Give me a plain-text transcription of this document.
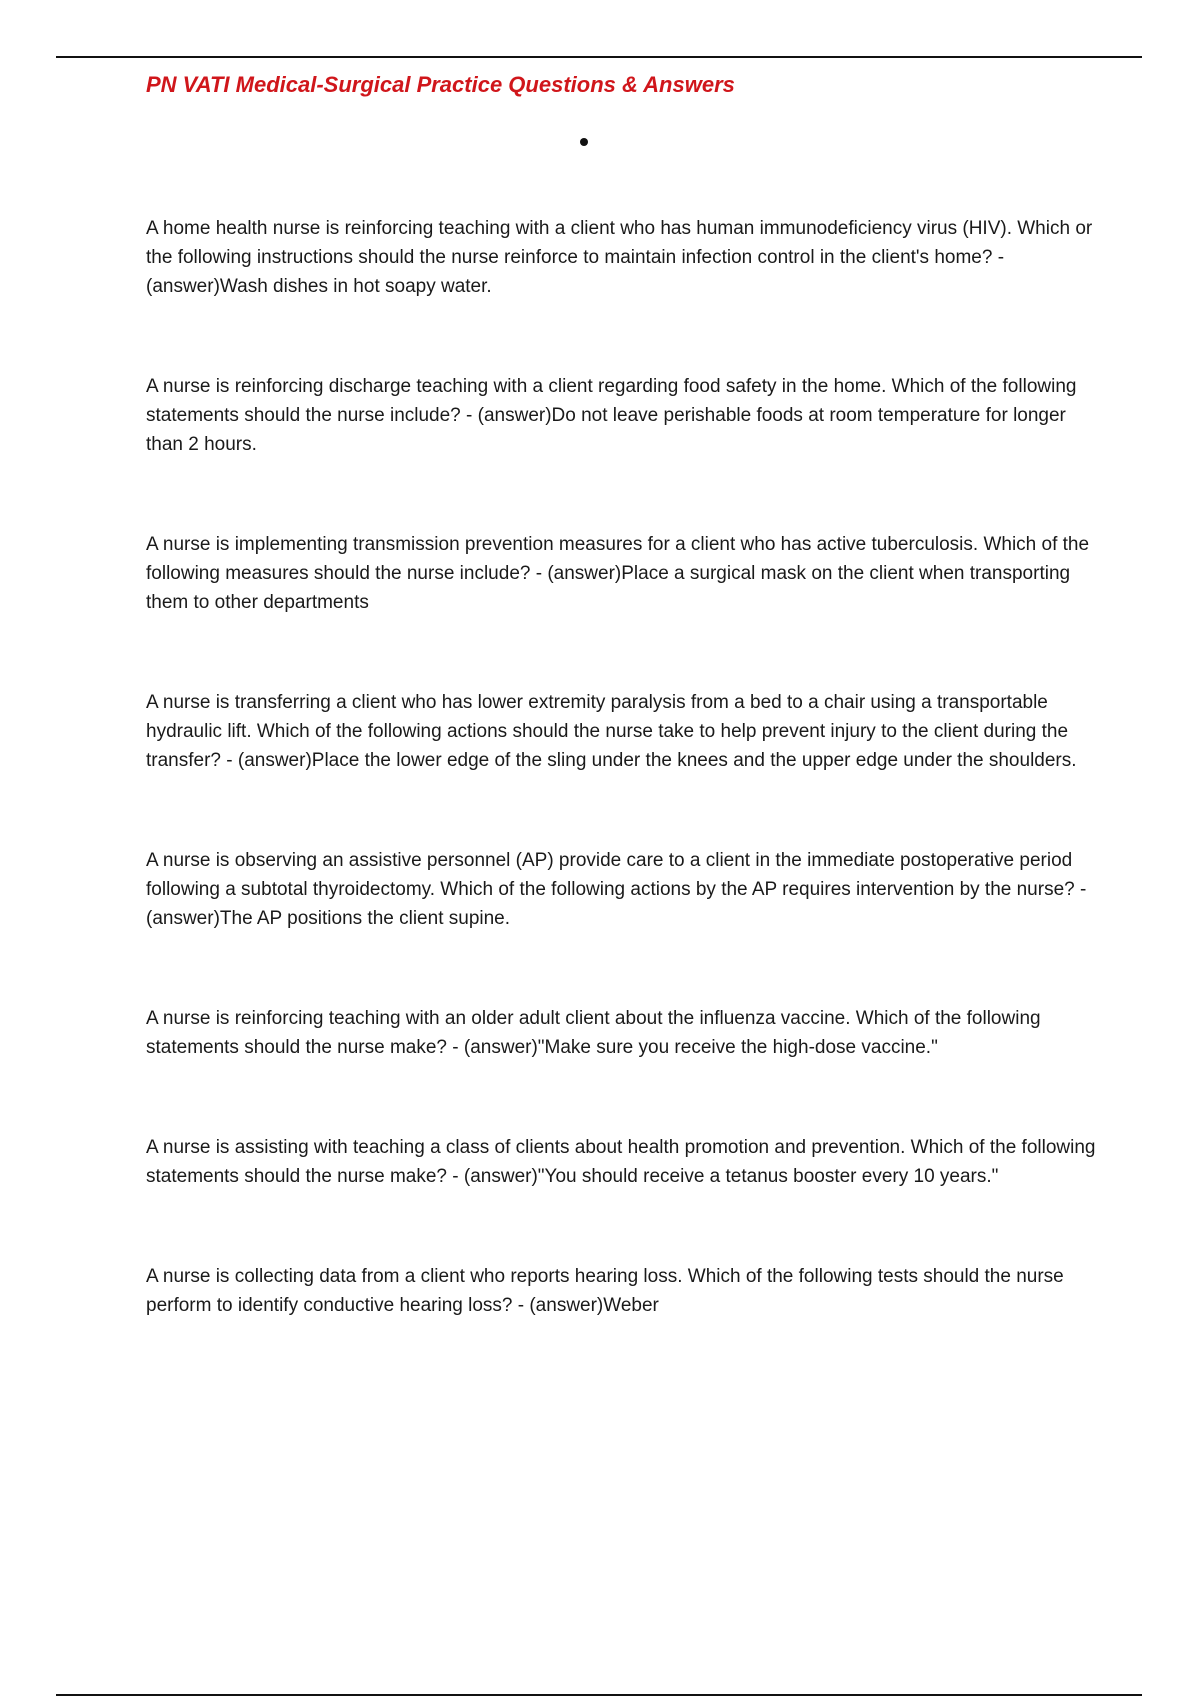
PN VATI Medical-Surgical Practice Questions & Answers
A home health nurse is reinforcing teaching with a client who has human immunodeficiency virus (HIV). Which or the following instructions should the nurse reinforce to maintain infection control in the client's home? - (answer)Wash dishes in hot soapy water.
A nurse is reinforcing discharge teaching with a client regarding food safety in the home. Which of the following statements should the nurse include? - (answer)Do not leave perishable foods at room temperature for longer than 2 hours.
A nurse is implementing transmission prevention measures for a client who has active tuberculosis. Which of the following measures should the nurse include? - (answer)Place a surgical mask on the client when transporting them to other departments
A nurse is transferring a client who has lower extremity paralysis from a bed to a chair using a transportable hydraulic lift. Which of the following actions should the nurse take to help prevent injury to the client during the transfer? - (answer)Place the lower edge of the sling under the knees and the upper edge under the shoulders.
A nurse is observing an assistive personnel (AP) provide care to a client in the immediate postoperative period following a subtotal thyroidectomy. Which of the following actions by the AP requires intervention by the nurse? - (answer)The AP positions the client supine.
A nurse is reinforcing teaching with an older adult client about the influenza vaccine. Which of the following statements should the nurse make? - (answer)"Make sure you receive the high-dose vaccine."
A nurse is assisting with teaching a class of clients about health promotion and prevention. Which of the following statements should the nurse make? - (answer)"You should receive a tetanus booster every 10 years."
A nurse is collecting data from a client who reports hearing loss. Which of the following tests should the nurse perform to identify conductive hearing loss? - (answer)Weber
